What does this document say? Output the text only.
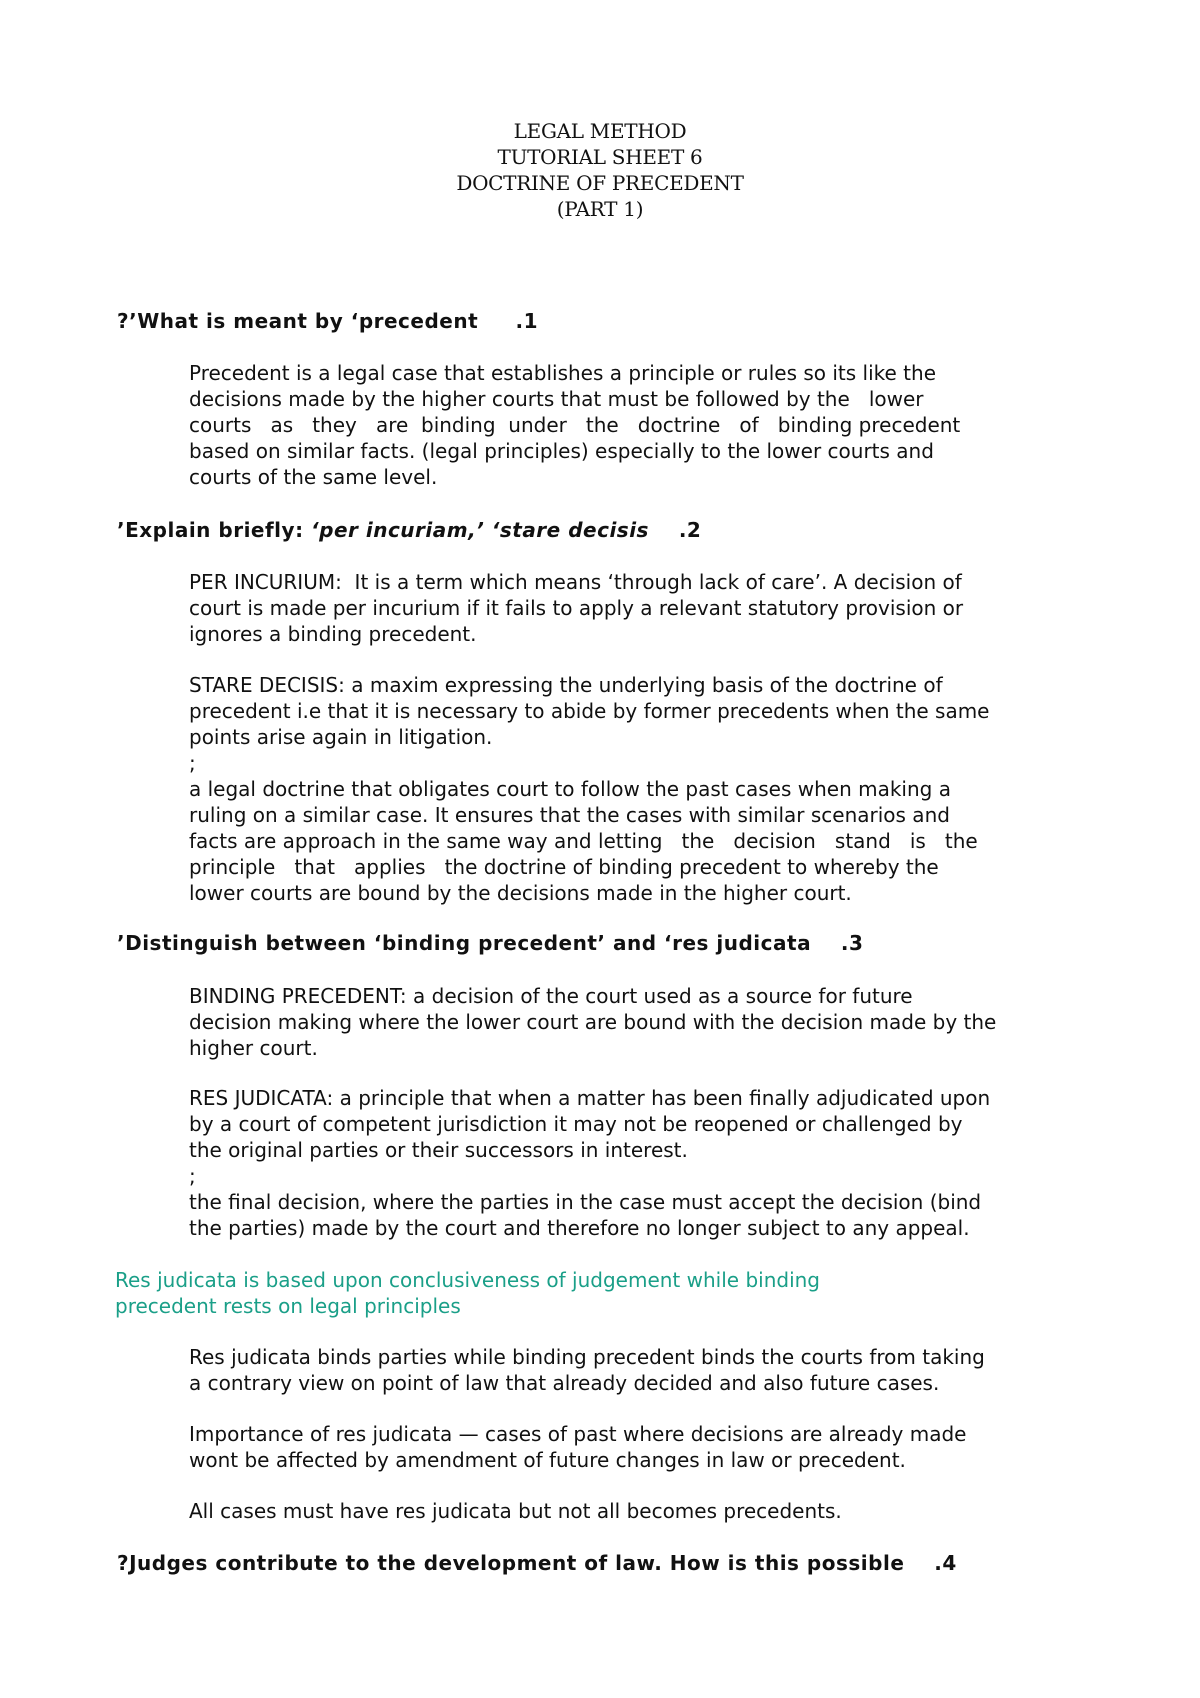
LEGAL METHOD
TUTORIAL SHEET 6
DOCTRINE OF PRECEDENT
(PART 1)
?’What is meant by ‘precedent     .1

Precedent is a legal case that establishes a principle or rules so its like the

decisions made by the higher courts that must be followed by the   lower

courts   as   they   are  binding  under   the   doctrine   of   binding precedent

based on similar facts. (legal principles) especially to the lower courts and

courts of the same level.

’Explain briefly: ‘per incuriam,’ ‘stare decisis    .2

PER INCURIUM:  It is a term which means ‘through lack of care’. A decision of

court is made per incurium if it fails to apply a relevant statutory provision or

ignores a binding precedent.

STARE DECISIS: a maxim expressing the underlying basis of the doctrine of

precedent i.e that it is necessary to abide by former precedents when the same

points arise again in litigation.

;

a legal doctrine that obligates court to follow the past cases when making a

ruling on a similar case. It ensures that the cases with similar scenarios and

facts are approach in the same way and letting   the   decision   stand   is   the

principle   that   applies   the doctrine of binding precedent to whereby the

lower courts are bound by the decisions made in the higher court.

’Distinguish between ‘binding precedent’ and ‘res judicata    .3

BINDING PRECEDENT: a decision of the court used as a source for future

decision making where the lower court are bound with the decision made by the

higher court.

RES JUDICATA: a principle that when a matter has been finally adjudicated upon

by a court of competent jurisdiction it may not be reopened or challenged by

the original parties or their successors in interest.

;

the final decision, where the parties in the case must accept the decision (bind

the parties) made by the court and therefore no longer subject to any appeal.

Res judicata is based upon conclusiveness of judgement while binding

precedent rests on legal principles

Res judicata binds parties while binding precedent binds the courts from taking

a contrary view on point of law that already decided and also future cases.

Importance of res judicata — cases of past where decisions are already made

wont be affected by amendment of future changes in law or precedent.

All cases must have res judicata but not all becomes precedents.

?Judges contribute to the development of law. How is this possible    .4
